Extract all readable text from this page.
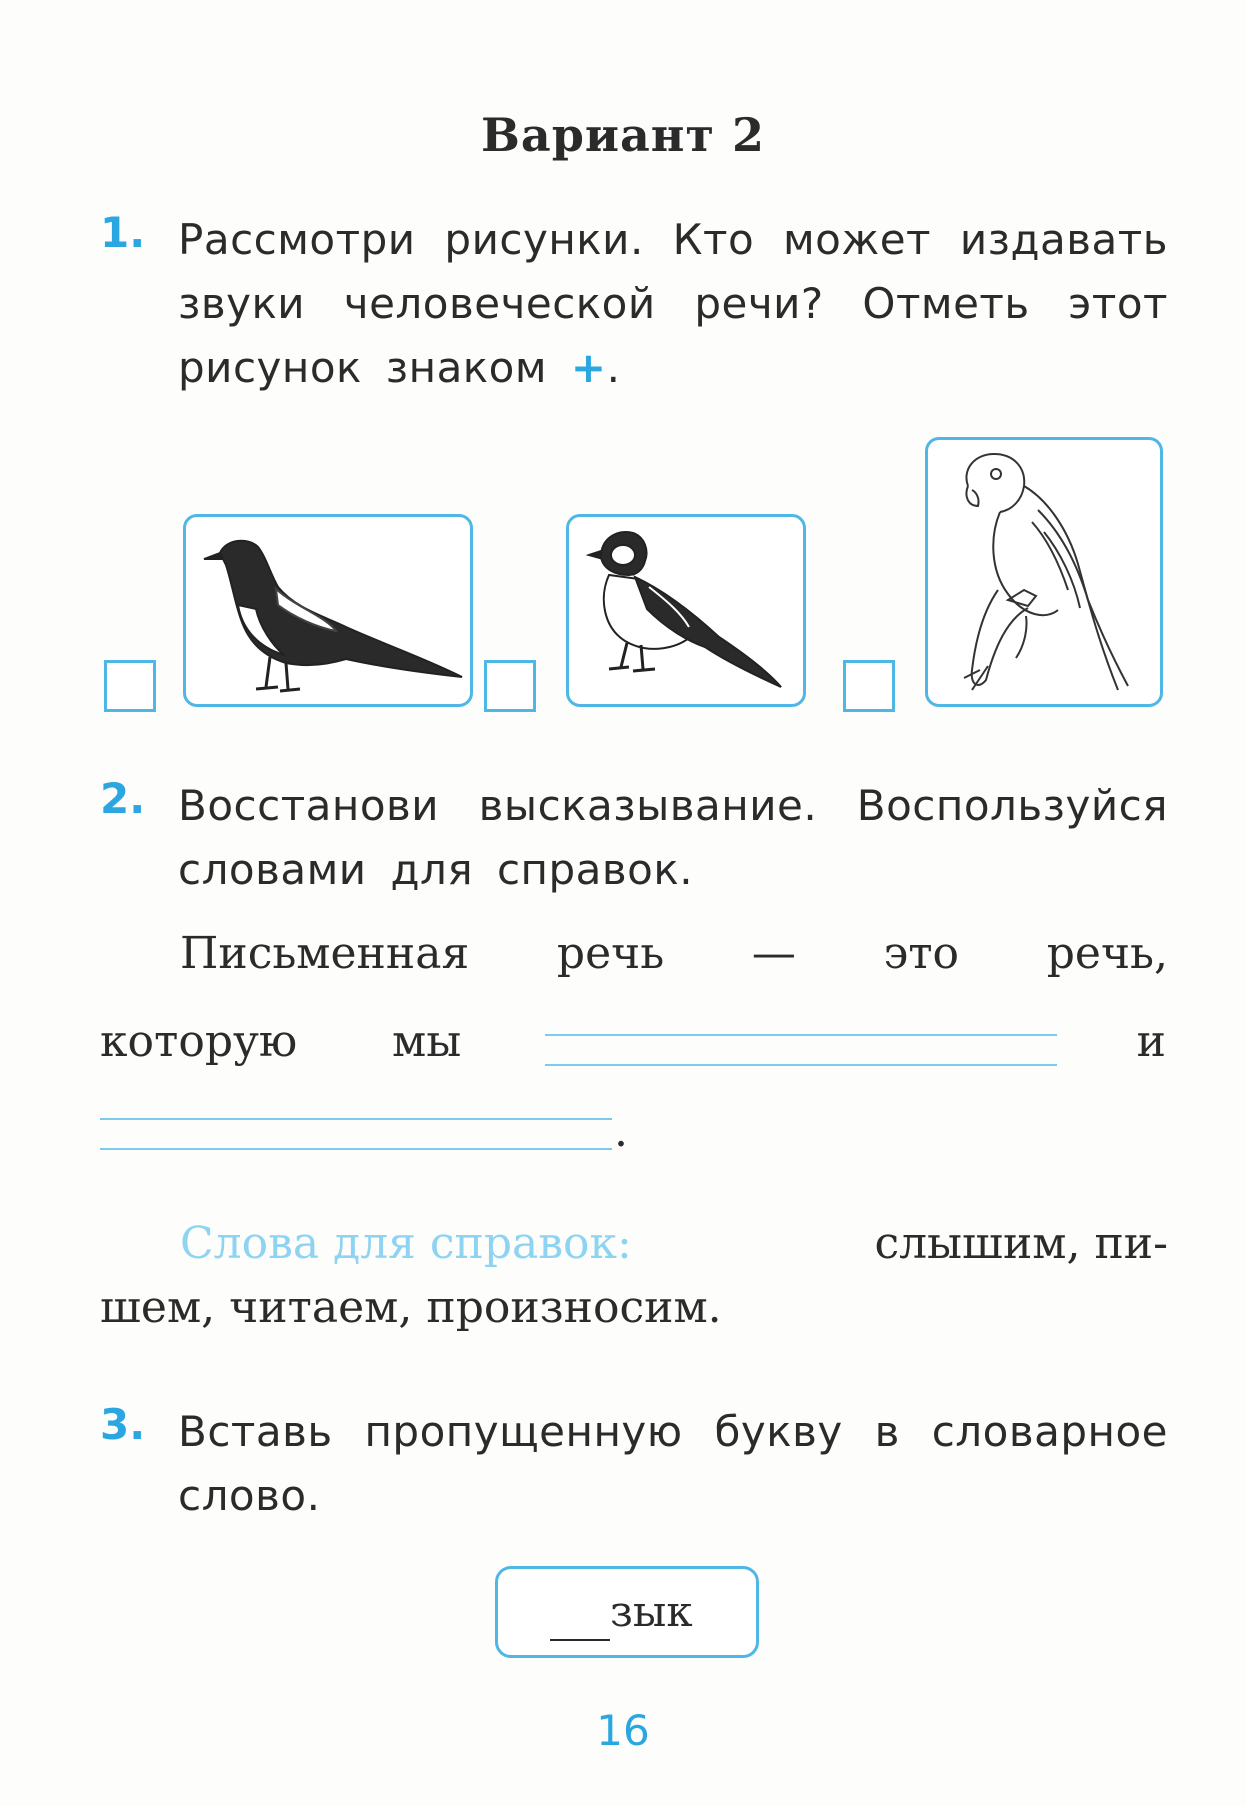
Вариант 2
1. Рассмотри рисунки. Кто может издавать звуки человеческой речи? Отметь этот рисунок знаком +.
2. Восстанови высказывание. Воспользуйся словами для справок.
Письменная речь — это речь,
которую мы	и
.
Слова для справок:	слышим, пи-
шем, читаем, произносим.
3. Вставь пропущенную букву в словарное слово.
зык
16
